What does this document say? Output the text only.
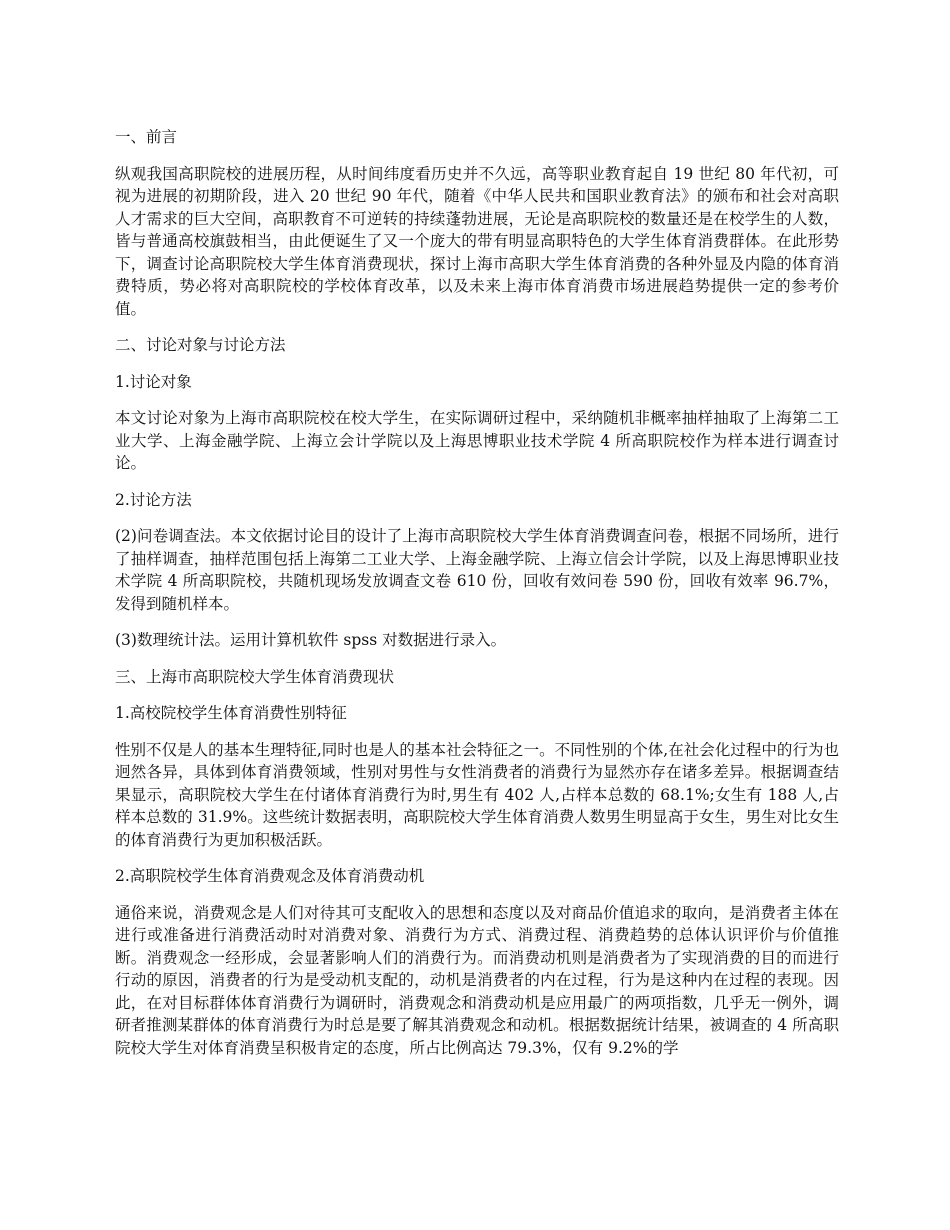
一、前言
纵观我国高职院校的进展历程，从时间纬度看历史并不久远，高等职业教育起自 19 世纪 80 年代初，可视为进展的初期阶段，进入 20 世纪 90 年代，随着《中华人民共和国职业教育法》的颁布和社会对高职人才需求的巨大空间，高职教育不可逆转的持续蓬勃进展，无论是高职院校的数量还是在校学生的人数，皆与普通高校旗鼓相当，由此便诞生了又一个庞大的带有明显高职特色的大学生体育消费群体。在此形势下，调查讨论高职院校大学生体育消费现状，探讨上海市高职大学生体育消费的各种外显及内隐的体育消费特质，势必将对高职院校的学校体育改革，以及未来上海市体育消费市场进展趋势提供一定的参考价值。
二、讨论对象与讨论方法
1.讨论对象
本文讨论对象为上海市高职院校在校大学生，在实际调研过程中，采纳随机非概率抽样抽取了上海第二工业大学、上海金融学院、上海立会计学院以及上海思博职业技术学院 4 所高职院校作为样本进行调查讨论。
2.讨论方法
(2)问卷调查法。本文依据讨论目的设计了上海市高职院校大学生体育消费调查问卷，根据不同场所，进行了抽样调查，抽样范围包括上海第二工业大学、上海金融学院、上海立信会计学院，以及上海思博职业技术学院 4 所高职院校，共随机现场发放调查文卷 610 份，回收有效问卷 590 份，回收有效率 96.7%，发得到随机样本。
(3)数理统计法。运用计算机软件 spss 对数据进行录入。
三、上海市高职院校大学生体育消费现状
1.高校院校学生体育消费性别特征
性别不仅是人的基本生理特征,同时也是人的基本社会特征之一。不同性别的个体,在社会化过程中的行为也迥然各异，具体到体育消费领域，性别对男性与女性消费者的消费行为显然亦存在诸多差异。根据调查结果显示，高职院校大学生在付诸体育消费行为时,男生有 402 人,占样本总数的 68.1%;女生有 188 人,占样本总数的 31.9%。这些统计数据表明，高职院校大学生体育消费人数男生明显高于女生，男生对比女生的体育消费行为更加积极活跃。
2.高职院校学生体育消费观念及体育消费动机
通俗来说，消费观念是人们对待其可支配收入的思想和态度以及对商品价值追求的取向，是消费者主体在进行或准备进行消费活动时对消费对象、消费行为方式、消费过程、消费趋势的总体认识评价与价值推断。消费观念一经形成，会显著影响人们的消费行为。而消费动机则是消费者为了实现消费的目的而进行行动的原因，消费者的行为是受动机支配的，动机是消费者的内在过程，行为是这种内在过程的表现。因此，在对目标群体体育消费行为调研时，消费观念和消费动机是应用最广的两项指数，几乎无一例外，调研者推测某群体的体育消费行为时总是要了解其消费观念和动机。根据数据统计结果，被调查的 4 所高职院校大学生对体育消费呈积极肯定的态度，所占比例高达 79.3%，仅有 9.2%的学
